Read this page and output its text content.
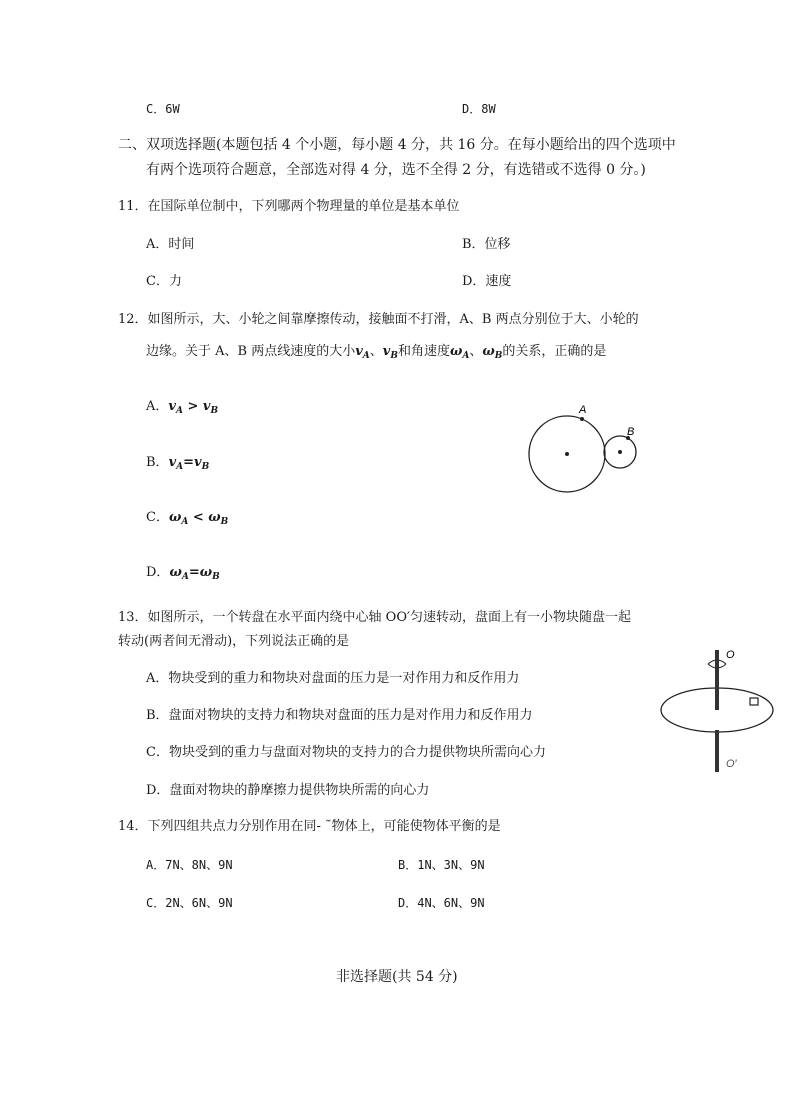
C．6W	D．8W
二、双项选择题(本题包括 4 个小题，每小题 4 分，共 16 分。在每小题给出的四个选项中
有两个选项符合题意，全部选对得 4 分，选不全得 2 分，有选错或不选得 0 分。)
11．在国际单位制中，下列哪两个物理量的单位是基本单位
A．时间	B．位移
C．力	D．速度
12．如图所示，大、小轮之间靠摩擦传动，接触面不打滑，A、B 两点分别位于大、小轮的
边缘。关于 A、B 两点线速度的大小$v_A$、$v_B$和角速度$\omega_A$、$\omega_B$的关系，正确的是
A．$v_A > v_B$
B．$v_A=v_B$
C．$\omega_A < \omega_B$
D．$\omega_A=\omega_B$
A
B
13．如图所示，一个转盘在水平面内绕中心轴 OO′匀速转动，盘面上有一小物块随盘一起
转动(两者间无滑动)，下列说法正确的是
A．物块受到的重力和物块对盘面的压力是一对作用力和反作用力
B．盘面对物块的支持力和物块对盘面的压力是对作用力和反作用力
C．物块受到的重力与盘面对物块的支持力的合力提供物块所需向心力
D．盘面对物块的静摩擦力提供物块所需的向心力
O
O′
14．下列四组共点力分别作用在同- ˜物体上，可能使物体平衡的是
A．7N、8N、9N	B．1N、3N、9N
C．2N、6N、9N	D．4N、6N、9N
非选择题(共 54 分)
